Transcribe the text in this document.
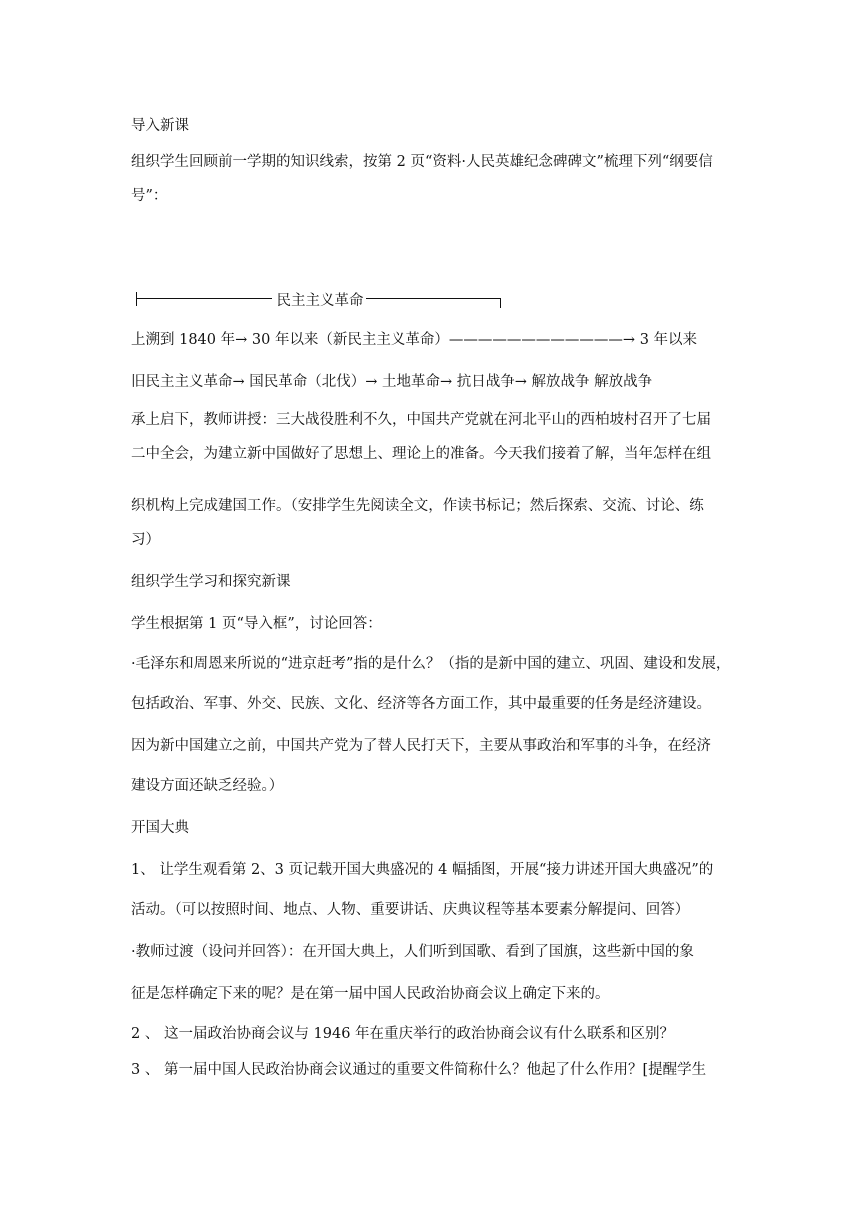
导入新课
组织学生回顾前一学期的知识线索，按第 2 页“资料·人民英雄纪念碑碑文”梳理下列“纲要信
号”：
民主主义革命
上溯到 1840 年→ 30 年以来（新民主主义革命）————————————→ 3 年以来
旧民主主义革命→ 国民革命（北伐）→ 土地革命→ 抗日战争→ 解放战争 解放战争
承上启下，教师讲授：三大战役胜利不久，中国共产党就在河北平山的西柏坡村召开了七届
二中全会，为建立新中国做好了思想上、理论上的准备。今天我们接着了解，当年怎样在组
织机构上完成建国工作。（安排学生先阅读全文，作读书标记；然后探索、交流、讨论、练
习）
组织学生学习和探究新课
学生根据第 1 页“导入框”，讨论回答：
·毛泽东和周恩来所说的“进京赶考”指的是什么？（指的是新中国的建立、巩固、建设和发展，
包括政治、军事、外交、民族、文化、经济等各方面工作，其中最重要的任务是经济建设。
因为新中国建立之前，中国共产党为了替人民打天下，主要从事政治和军事的斗争，在经济
建设方面还缺乏经验。）
开国大典
1、 让学生观看第 2、3 页记载开国大典盛况的 4 幅插图，开展“接力讲述开国大典盛况”的
活动。（可以按照时间、地点、人物、重要讲话、庆典议程等基本要素分解提问、回答）
·教师过渡（设问并回答）：在开国大典上，人们听到国歌、看到了国旗，这些新中国的象
征是怎样确定下来的呢？是在第一届中国人民政治协商会议上确定下来的。
2 、 这一届政治协商会议与 1946 年在重庆举行的政治协商会议有什么联系和区别？
3 、 第一届中国人民政治协商会议通过的重要文件简称什么？他起了什么作用？[提醒学生
